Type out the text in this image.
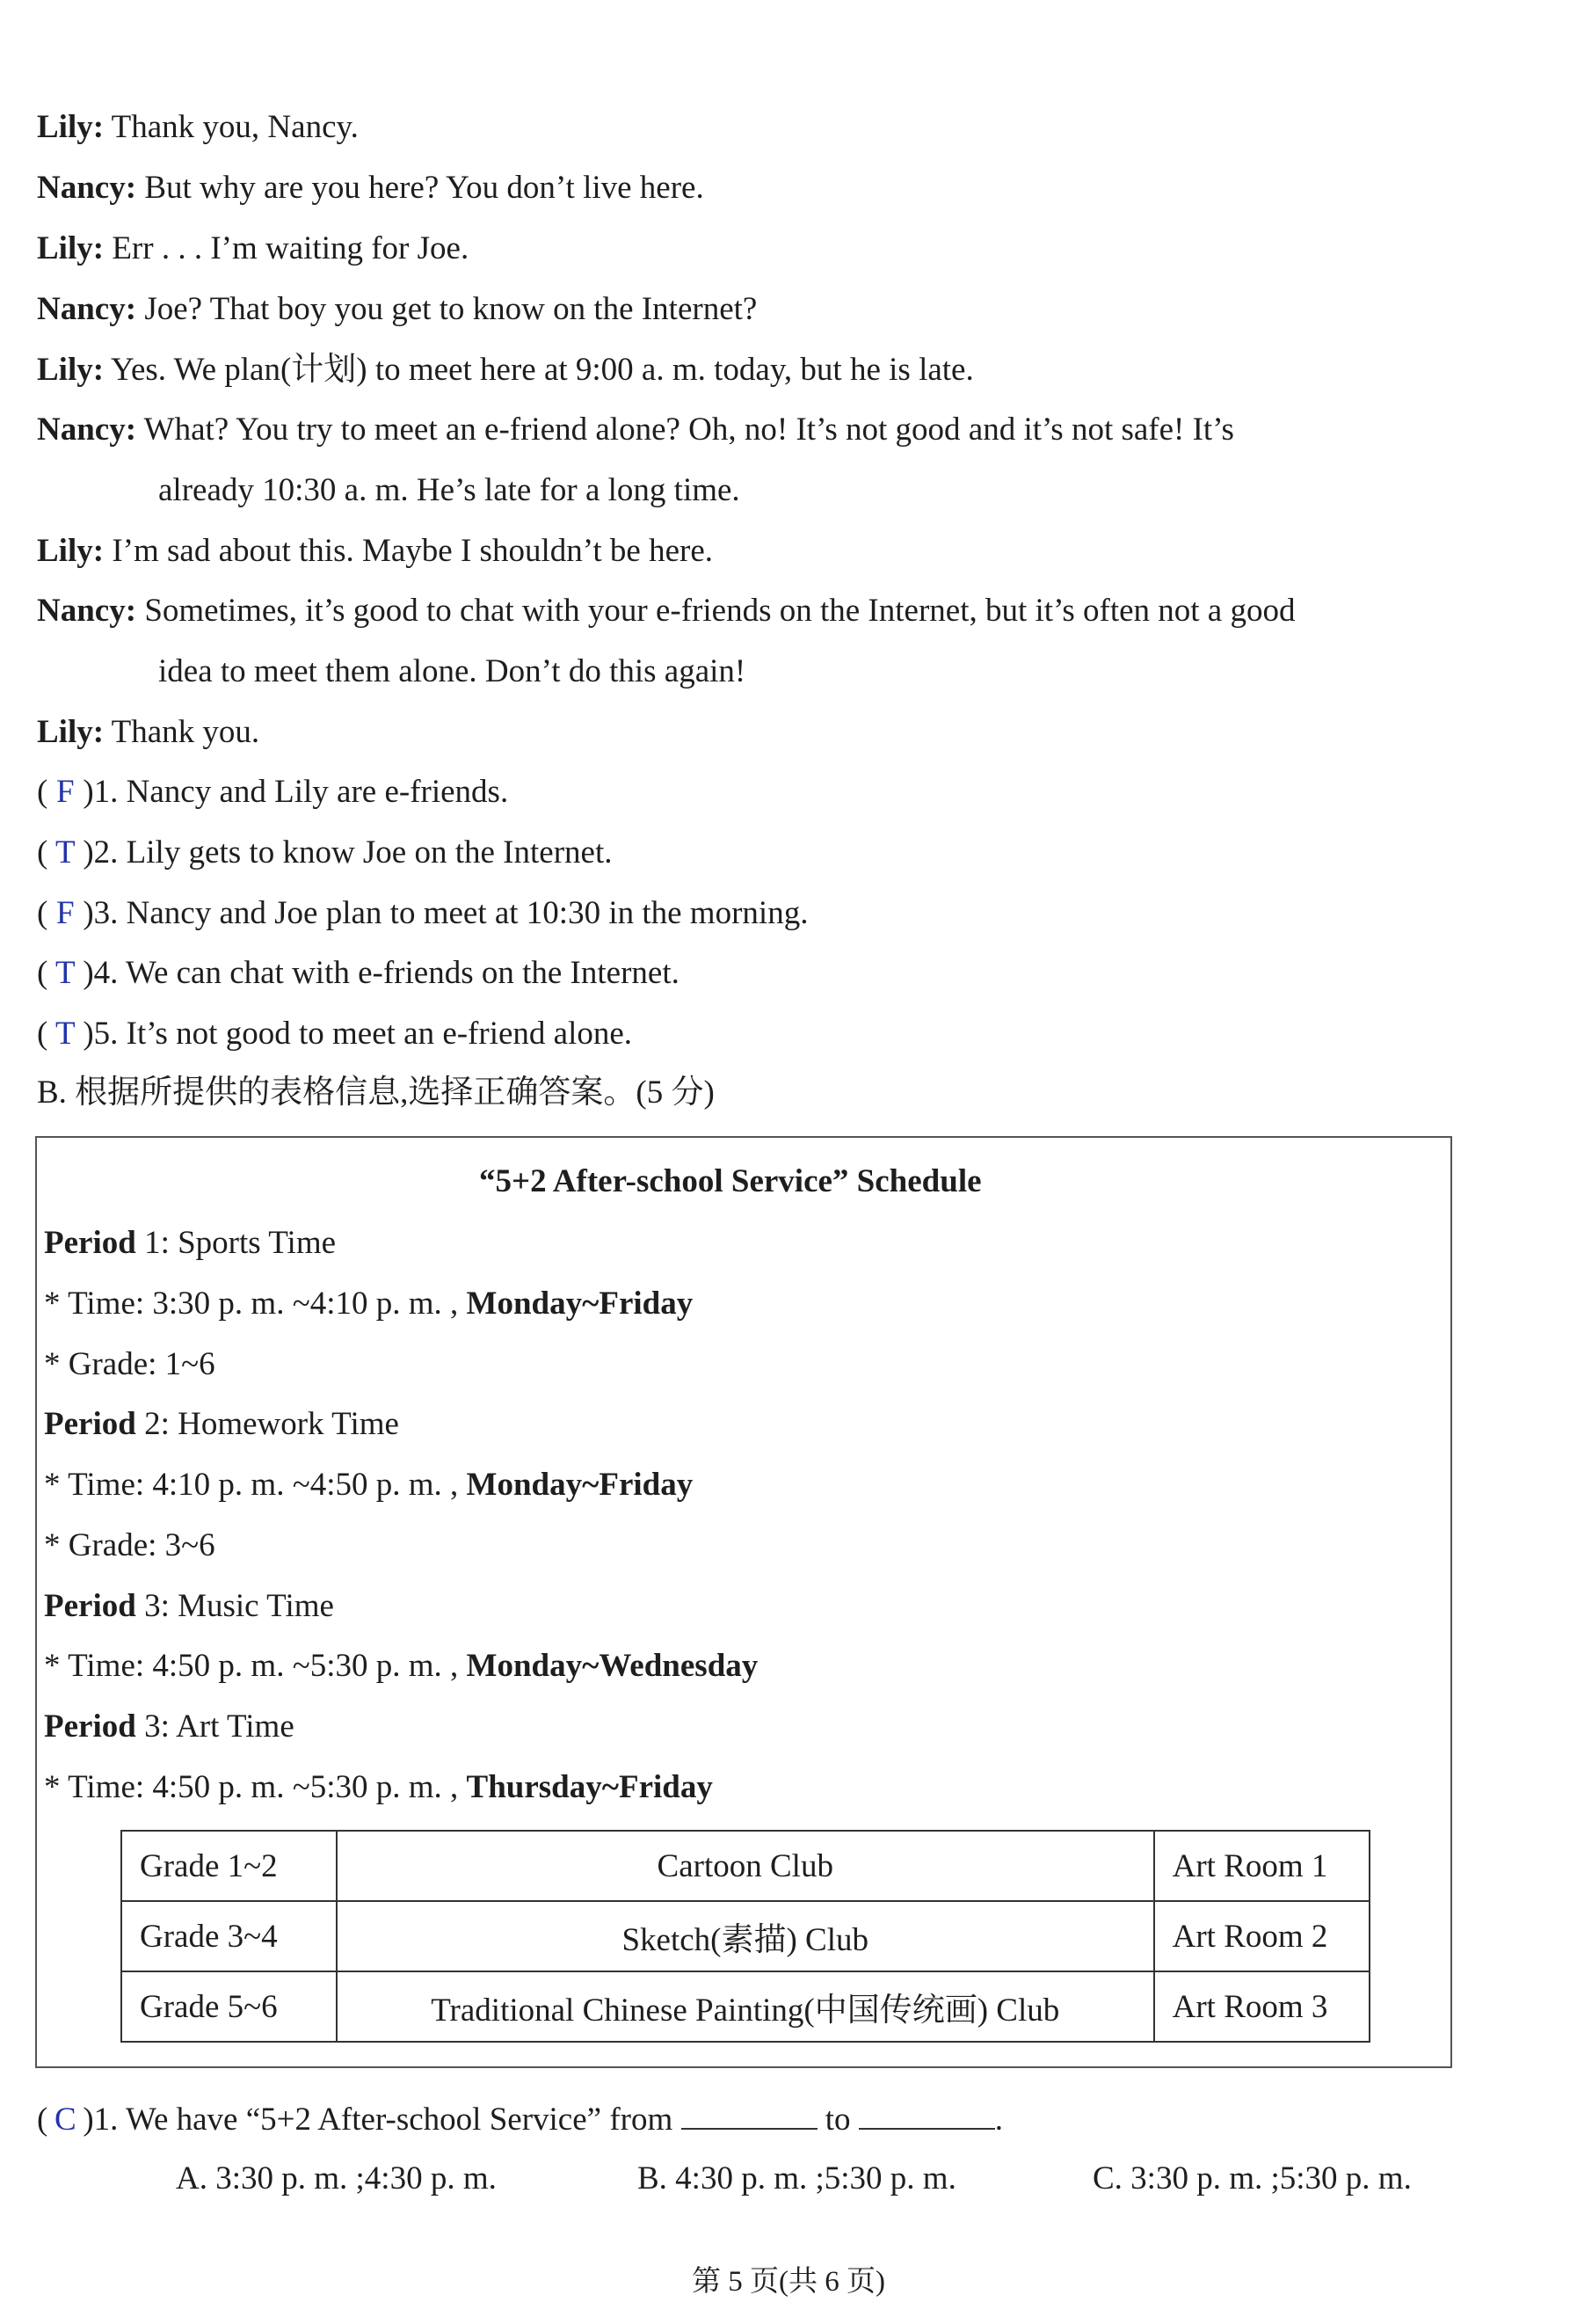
Lily: Thank you, Nancy.
Nancy: But why are you here? You don’t live here.
Lily: Err . . . I’m waiting for Joe.
Nancy: Joe? That boy you get to know on the Internet?
Lily: Yes. We plan(计划) to meet here at 9:00 a. m. today, but he is late.
Nancy: What? You try to meet an e-friend alone? Oh, no! It’s not good and it’s not safe! It’s
already 10:30 a. m. He’s late for a long time.
Lily: I’m sad about this. Maybe I shouldn’t be here.
Nancy: Sometimes, it’s good to chat with your e-friends on the Internet, but it’s often not a good
idea to meet them alone. Don’t do this again!
Lily: Thank you.
( F )1. Nancy and Lily are e-friends.
( T )2. Lily gets to know Joe on the Internet.
( F )3. Nancy and Joe plan to meet at 10:30 in the morning.
( T )4. We can chat with e-friends on the Internet.
( T )5. It’s not good to meet an e-friend alone.
B. 根据所提供的表格信息,选择正确答案。(5 分)
“5+2 After-school Service” Schedule
Period 1: Sports Time
* Time: 3:30 p. m. ~4:10 p. m. , Monday~Friday
* Grade: 1~6
Period 2: Homework Time
* Time: 4:10 p. m. ~4:50 p. m. , Monday~Friday
* Grade: 3~6
Period 3: Music Time
* Time: 4:50 p. m. ~5:30 p. m. , Monday~Wednesday
Period 3: Art Time
* Time: 4:50 p. m. ~5:30 p. m. , Thursday~Friday
Grade 1~2	Cartoon Club	Art Room 1
Grade 3~4	Sketch(素描) Club	Art Room 2
Grade 5~6	Traditional Chinese Painting(中国传统画) Club	Art Room 3
( C )1. We have “5+2 After-school Service” from	to	.
A. 3:30 p. m. ;4:30 p. m.	B. 4:30 p. m. ;5:30 p. m.	C. 3:30 p. m. ;5:30 p. m.
第 5 页(共 6 页)
